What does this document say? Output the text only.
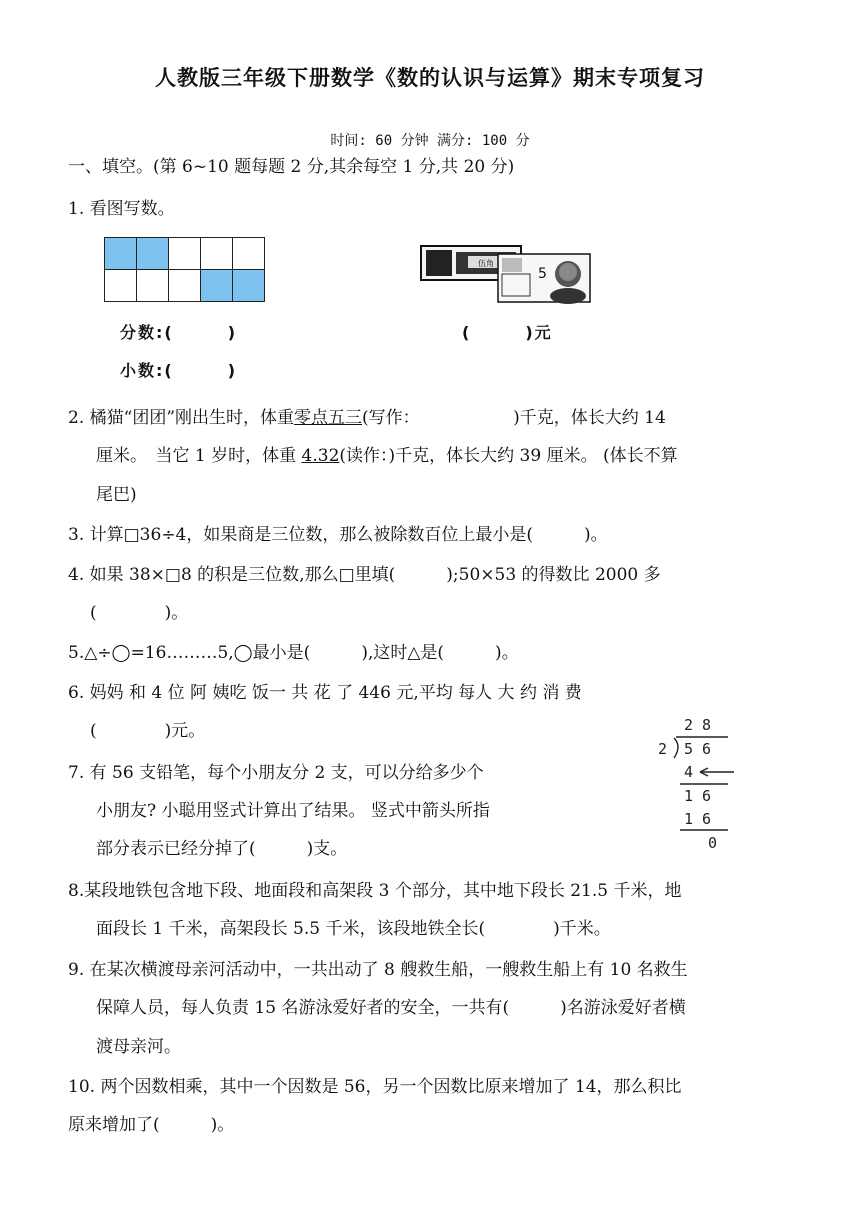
人教版三年级下册数学《数的认识与运算》期末专项复习
时间: 60 分钟 满分: 100 分
一、填空。(第 6~10 题每题 2 分,其余每空 1 分,共 20 分)
1. 看图写数。

分数:(　　　)
小数:(　　　)
伍角
5
(　　　)元
2. 橘猫“团团”刚出生时，体重零点五三(写作：　　　　　　)千克，体长大约 14
厘米。　当它 1 岁时，体重 4.32(读作：)千克，体长大约 39 厘米。 (体长不算
尾巴)
3. 计算□36÷4，如果商是三位数，那么被除数百位上最小是(　　　)。
4. 如果 38×□8 的积是三位数,那么□里填(　　　);50×53 的得数比 2000 多
(　　　　)。
5.△÷◯=16………5,◯最小是(　　　),这时△是(　　　)。
6. 妈妈 和 4 位 阿 姨吃 饭一 共 花 了 446 元,平均 每人 大 约 消 费
(　　　　)元。
7. 有 56 支铅笔，每个小朋友分 2 支，可以分给多少个
小朋友? 小聪用竖式计算出了结果。 竖式中箭头所指
部分表示已经分掉了(　　　)支。
2 8
2 5 6
4
1 6
1 6
0
8.某段地铁包含地下段、地面段和高架段 3 个部分，其中地下段长 21.5 千米，地
面段长 1 千米，高架段长 5.5 千米，该段地铁全长(　　　　)千米。
9. 在某次横渡母亲河活动中，一共出动了 8 艘救生船，一艘救生船上有 10 名救生
保障人员，每人负责 15 名游泳爱好者的安全，一共有(　　　)名游泳爱好者横
渡母亲河。
10. 两个因数相乘，其中一个因数是 56，另一个因数比原来增加了 14，那么积比
原来增加了(　　　)。
